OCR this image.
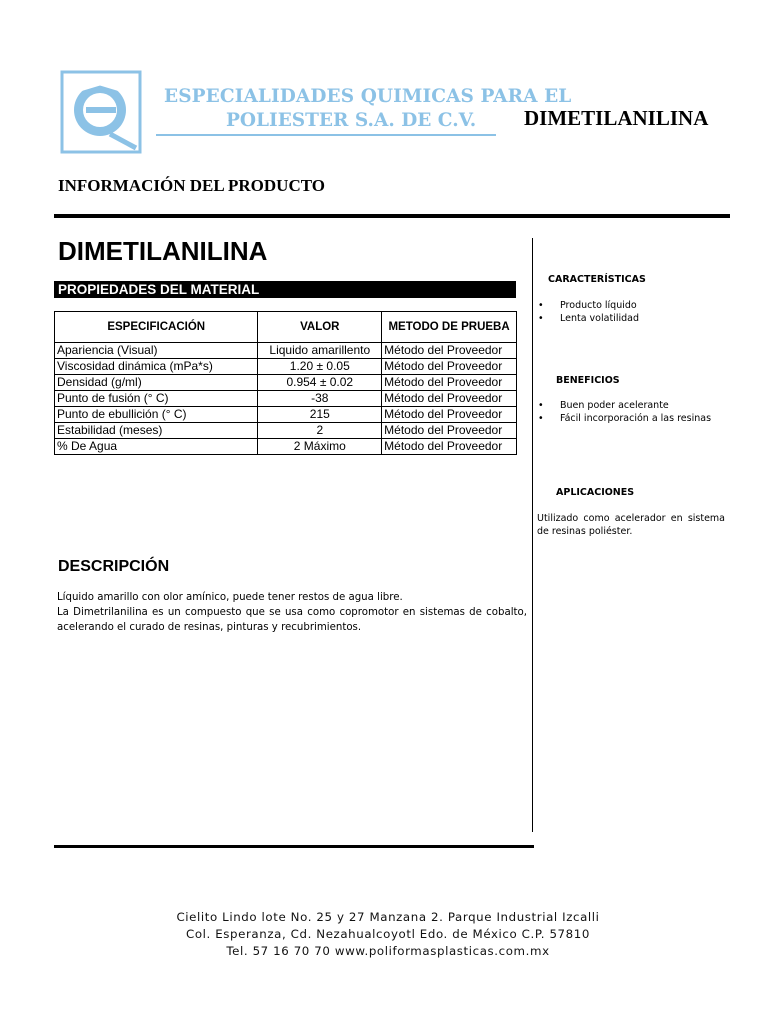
ESPECIALIDADES QUIMICAS PARA EL
POLIESTER S.A. DE C.V. DIMETILANILINA
INFORMACIÓN DEL PRODUCTO
DIMETILANILINA
PROPIEDADES DEL MATERIAL
ESPECIFICACIÓN	VALOR	METODO DE PRUEBA
Apariencia (Visual)	Liquido amarillento	Método del Proveedor
Viscosidad dinámica (mPa*s)	1.20 ± 0.05	Método del Proveedor
Densidad (g/ml)	0.954 ± 0.02	Método del Proveedor
Punto de fusión (° C)	-38	Método del Proveedor
Punto de ebullición (° C)	215	Método del Proveedor
Estabilidad (meses)	2	Método del Proveedor
% De Agua	2 Máximo	Método del Proveedor
DESCRIPCIÓN

Líquido amarillo con olor amínico, puede tener restos de agua libre.

La Dimetrilanilina es un compuesto que se usa como copromotor en sistemas de cobalto, acelerando el curado de resinas, pinturas y recubrimientos.

CARACTERÍSTICAS
• Producto líquido
• Lenta volatilidad
BENEFICIOS
• Buen poder acelerante
• Fácil incorporación a las resinas
APLICACIONES
Utilizado como acelerador en sistema de resinas poliéster.
Cielito Lindo lote No. 25 y 27 Manzana 2. Parque Industrial Izcalli
Col. Esperanza, Cd. Nezahualcoyotl Edo. de México C.P. 57810
Tel. 57 16 70 70 www.poliformasplasticas.com.mx
